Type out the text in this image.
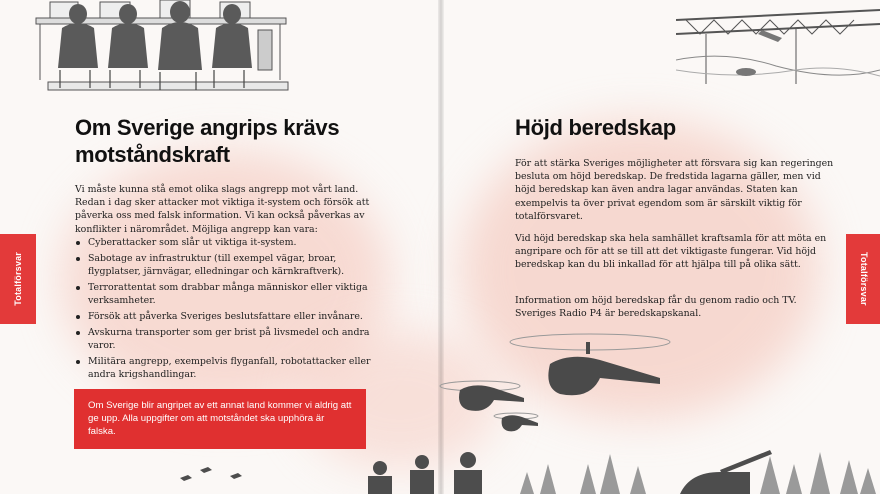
Om Sverige angrips krävs motståndskraft
Vi måste kunna stå emot olika slags angrepp mot vårt land. Redan i dag sker attacker mot viktiga it-system och försök att påverka oss med falsk information. Vi kan också påverkas av konflikter i närområdet. Möjliga angrepp kan vara:
Cyberattacker som slår ut viktiga it-system.
Sabotage av infrastruktur (till exempel vägar, broar, flygplatser, järnvägar, elledningar och kärnkraftverk).
Terrorattentat som drabbar många människor eller viktiga verksamheter.
Försök att påverka Sveriges beslutsfattare eller invånare.
Avskurna transporter som ger brist på livsmedel och andra varor.
Militära angrepp, exempelvis flyganfall, robotattacker eller andra krigshandlingar.
Om Sverige blir angripet av ett annat land kommer vi aldrig att ge upp. Alla uppgifter om att motståndet ska upphöra är falska.
Totalförsvar
Höjd beredskap
För att stärka Sveriges möjligheter att försvara sig kan regeringen besluta om höjd beredskap. De fredstida lagarna gäller, men vid höjd beredskap kan även andra lagar användas. Staten kan exempelvis ta över privat egendom som är särskilt viktig för totalförsvaret.
Vid höjd beredskap ska hela samhället kraftsamla för att möta en angripare och för att se till att det viktigaste fungerar. Vid höjd beredskap kan du bli inkallad för att hjälpa till på olika sätt.
Information om höjd beredskap får du genom radio och TV. Sveriges Radio P4 är beredskapskanal.
Totalförsvar
